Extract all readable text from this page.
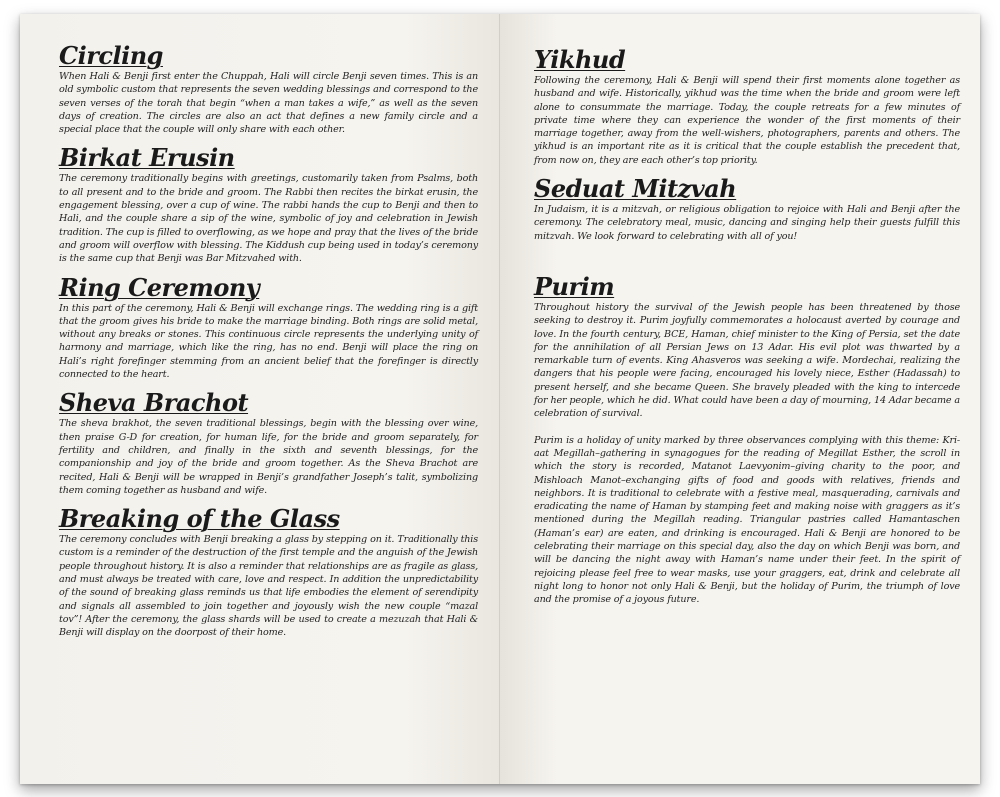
Circling

When Hali & Benji first enter the Chuppah, Hali will circle Benji seven times. This is an old symbolic custom that represents the seven wedding blessings and correspond to the seven verses of the torah that begin “when a man takes a wife,” as well as the seven days of creation. The circles are also an act that defines a new family circle and a special place that the couple will only share with each other.

Birkat Erusin

The ceremony traditionally begins with greetings, customarily taken from Psalms, both to all present and to the bride and groom. The Rabbi then recites the birkat erusin, the engagement blessing, over a cup of wine. The rabbi hands the cup to Benji and then to Hali, and the couple share a sip of the wine, symbolic of joy and celebration in Jewish tradition. The cup is filled to overflowing, as we hope and pray that the lives of the bride and groom will overflow with blessing. The Kiddush cup being used in today’s ceremony is the same cup that Benji was Bar Mitzvahed with.

Ring Ceremony

In this part of the ceremony, Hali & Benji will exchange rings. The wedding ring is a gift that the groom gives his bride to make the marriage binding. Both rings are solid metal, without any breaks or stones. This continuous circle represents the underlying unity of harmony and marriage, which like the ring, has no end. Benji will place the ring on Hali’s right forefinger stemming from an ancient belief that the forefinger is directly connected to the heart.

Sheva Brachot

The sheva brakhot, the seven traditional blessings, begin with the blessing over wine, then praise G-D for creation, for human life, for the bride and groom separately, for fertility and children, and finally in the sixth and seventh blessings, for the companionship and joy of the bride and groom together. As the Sheva Brachot are recited, Hali & Benji will be wrapped in Benji’s grandfather Joseph’s talit, symbolizing them coming together as husband and wife.

Breaking of the Glass

The ceremony concludes with Benji breaking a glass by stepping on it. Traditionally this custom is a reminder of the destruction of the first temple and the anguish of the Jewish people throughout history. It is also a reminder that relationships are as fragile as glass, and must always be treated with care, love and respect. In addition the unpredictability of the sound of breaking glass reminds us that life embodies the element of serendipity and signals all assembled to join together and joyously wish the new couple “mazal tov”! After the ceremony, the glass shards will be used to create a mezuzah that Hali & Benji will display on the doorpost of their home.

Yikhud

Following the ceremony, Hali & Benji will spend their first moments alone together as husband and wife. Historically, yikhud was the time when the bride and groom were left alone to consummate the marriage. Today, the couple retreats for a few minutes of private time where they can experience the wonder of the first moments of their marriage together, away from the well-wishers, photographers, parents and others. The yikhud is an important rite as it is critical that the couple establish the precedent that, from now on, they are each other’s top priority.

Seduat Mitzvah

In Judaism, it is a mitzvah, or religious obligation to rejoice with Hali and Benji after the ceremony. The celebratory meal, music, dancing and singing help their guests fulfill this mitzvah. We look forward to celebrating with all of you!

Purim

Throughout history the survival of the Jewish people has been threatened by those seeking to destroy it. Purim joyfully commemorates a holocaust averted by courage and love. In the fourth century, BCE, Haman, chief minister to the King of Persia, set the date for the annihilation of all Persian Jews on 13 Adar. His evil plot was thwarted by a remarkable turn of events. King Ahasveros was seeking a wife. Mordechai, realizing the dangers that his people were facing, encouraged his lovely niece, Esther (Hadassah) to present herself, and she became Queen. She bravely pleaded with the king to intercede for her people, which he did. What could have been a day of mourning, 14 Adar became a celebration of survival.

Purim is a holiday of unity marked by three observances complying with this theme: Kri-aat Megillah–gathering in synagogues for the reading of Megillat Esther, the scroll in which the story is recorded, Matanot Laevyonim–giving charity to the poor, and Mishloach Manot–exchanging gifts of food and goods with relatives, friends and neighbors. It is traditional to celebrate with a festive meal, masquerading, carnivals and eradicating the name of Haman by stamping feet and making noise with graggers as it’s mentioned during the Megillah reading. Triangular pastries called Hamantaschen (Haman’s ear) are eaten, and drinking is encouraged. Hali & Benji are honored to be celebrating their marriage on this special day, also the day on which Benji was born, and will be dancing the night away with Haman’s name under their feet. In the spirit of rejoicing please feel free to wear masks, use your graggers, eat, drink and celebrate all night long to honor not only Hali & Benji, but the holiday of Purim, the triumph of love and the promise of a joyous future.
